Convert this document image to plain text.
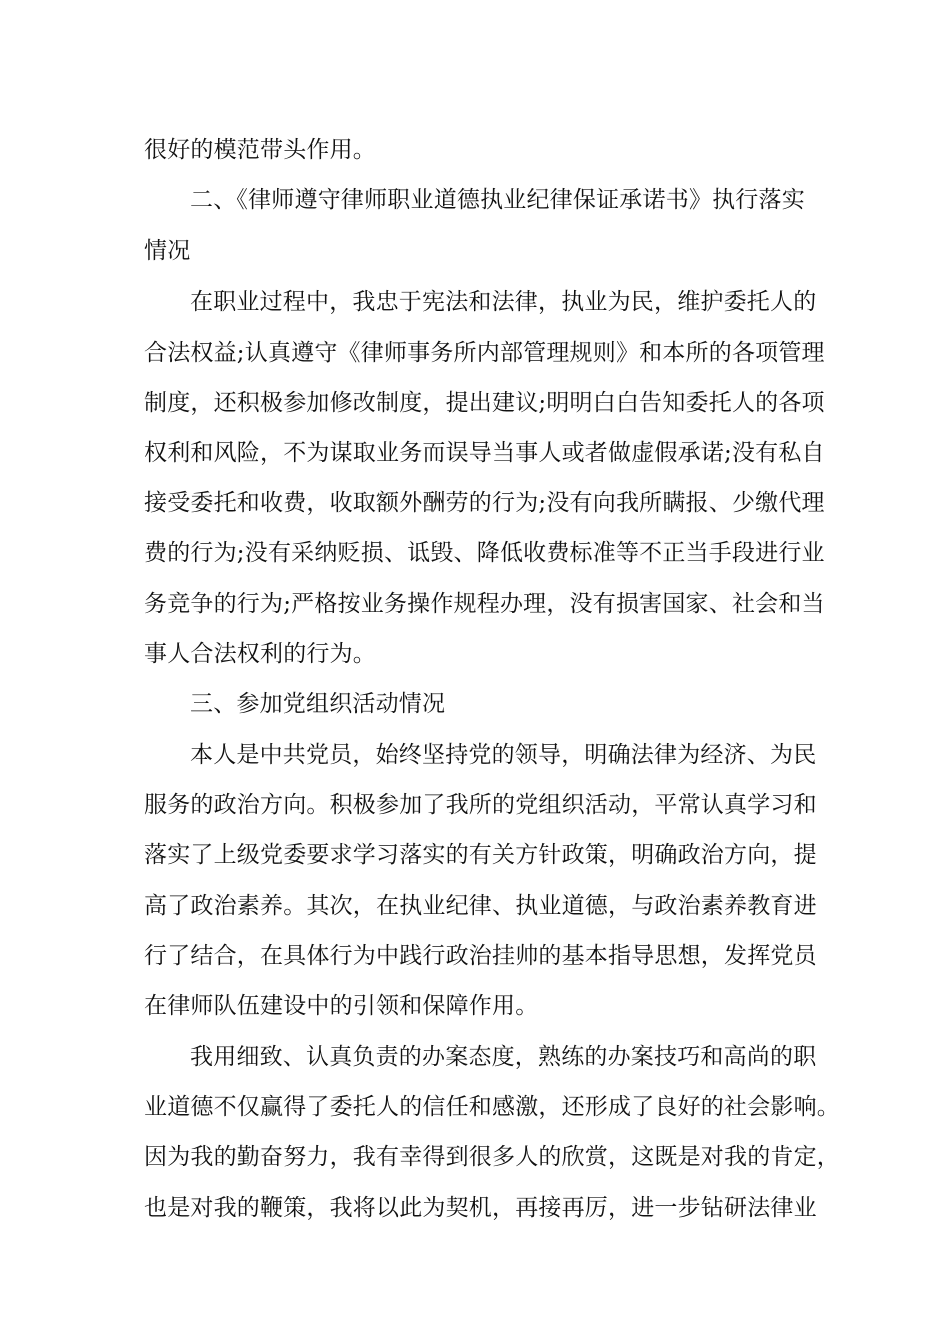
很好的模范带头作用。
二、《律师遵守律师职业道德执业纪律保证承诺书》执行落实
情况
在职业过程中，我忠于宪法和法律，执业为民，维护委托人的
合法权益;认真遵守《律师事务所内部管理规则》和本所的各项管理
制度，还积极参加修改制度，提出建议;明明白白告知委托人的各项
权利和风险，不为谋取业务而误导当事人或者做虚假承诺;没有私自
接受委托和收费，收取额外酬劳的行为;没有向我所瞒报、少缴代理
费的行为;没有采纳贬损、诋毁、降低收费标准等不正当手段进行业
务竞争的行为;严格按业务操作规程办理，没有损害国家、社会和当
事人合法权利的行为。
三、参加党组织活动情况
本人是中共党员，始终坚持党的领导，明确法律为经济、为民
服务的政治方向。积极参加了我所的党组织活动，平常认真学习和
落实了上级党委要求学习落实的有关方针政策，明确政治方向，提
高了政治素养。其次，在执业纪律、执业道德，与政治素养教育进
行了结合，在具体行为中践行政治挂帅的基本指导思想，发挥党员
在律师队伍建设中的引领和保障作用。
我用细致、认真负责的办案态度，熟练的办案技巧和高尚的职
业道德不仅赢得了委托人的信任和感激，还形成了良好的社会影响。
因为我的勤奋努力，我有幸得到很多人的欣赏，这既是对我的肯定，
也是对我的鞭策，我将以此为契机，再接再厉，进一步钻研法律业
